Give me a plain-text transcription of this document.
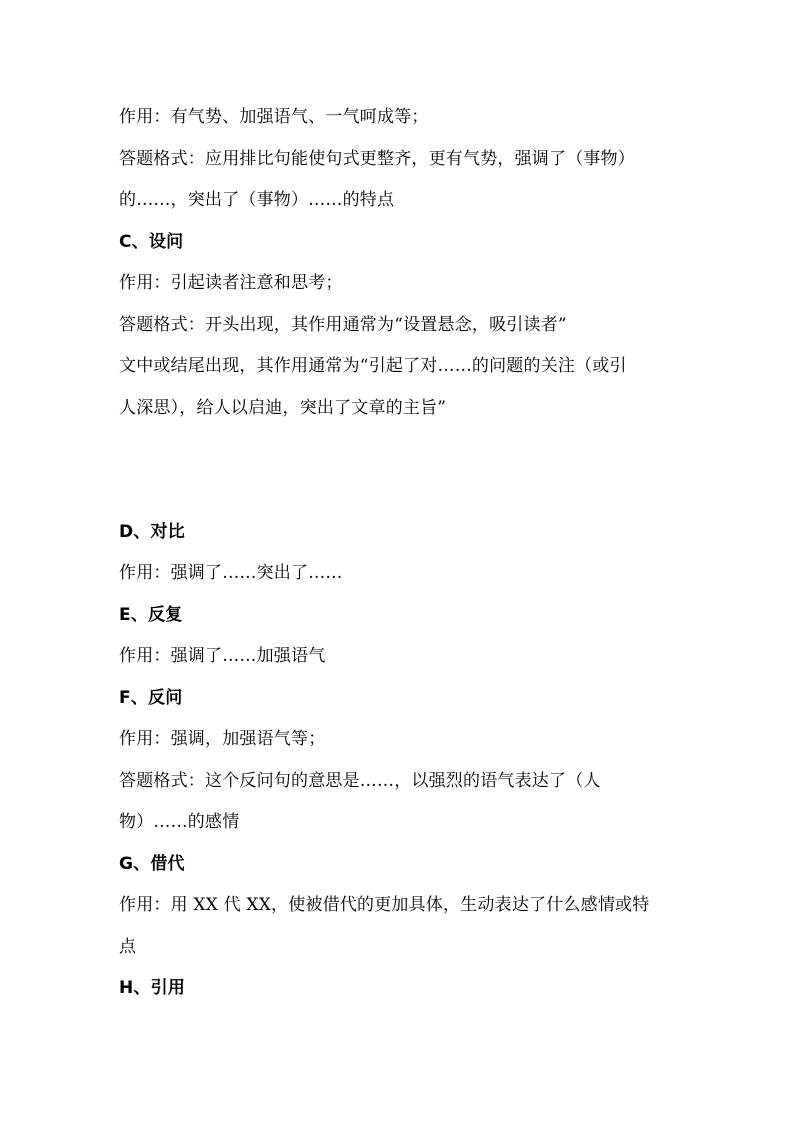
作用：有气势、加强语气、一气呵成等；
答题格式：应用排比句能使句式更整齐，更有气势，强调了（事物）
的……，突出了（事物）……的特点
C、设问
作用：引起读者注意和思考；
答题格式：开头出现，其作用通常为“设置悬念，吸引读者”
文中或结尾出现，其作用通常为“引起了对……的问题的关注（或引
人深思），给人以启迪，突出了文章的主旨”
D、对比
作用：强调了……突出了……
E、反复
作用：强调了……加强语气
F、反问
作用：强调，加强语气等；
答题格式：这个反问句的意思是……，以强烈的语气表达了（人
物）……的感情
G、借代
作用：用 XX 代 XX，使被借代的更加具体，生动表达了什么感情或特
点
H、引用
